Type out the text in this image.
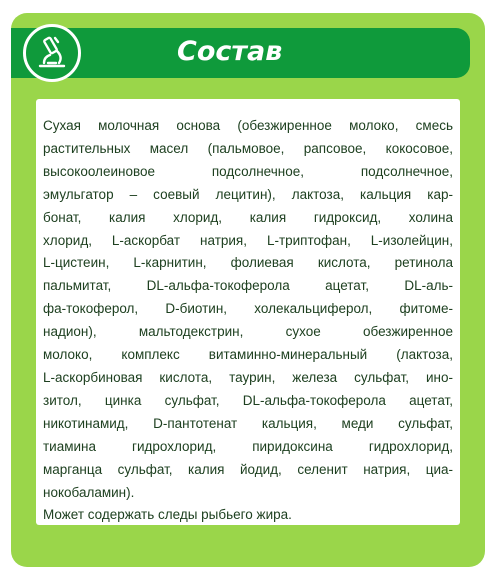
Состав

Сухая молочная основа (обезжиренное молоко, смесь
растительных масел (пальмовое, рапсовое, кокосовое,
высокоолеиновое подсолнечное, подсолнечное,
эмульгатор – соевый лецитин), лактоза, кальция кар-
бонат, калия хлорид, калия гидроксид, холина
хлорид, L-аскорбат натрия, L-триптофан, L-изолейцин,
L-цистеин, L-карнитин, фолиевая кислота, ретинола
пальмитат, DL-альфа-токоферола ацетат, DL-аль-
фа-токоферол, D-биотин, холекальциферол, фитоме-
надион), мальтодекстрин, сухое обезжиренное
молоко, комплекс витаминно-минеральный (лактоза,
L-аскорбиновая кислота, таурин, железа сульфат, ино-
зитол, цинка сульфат, DL-альфа-токоферола ацетат,
никотинамид, D-пантотенат кальция, меди сульфат,
тиамина гидрохлорид, пиридоксина гидрохлорид,
марганца сульфат, калия йодид, селенит натрия, циа-
нокобаламин).
Может содержать следы рыбьего жира.
